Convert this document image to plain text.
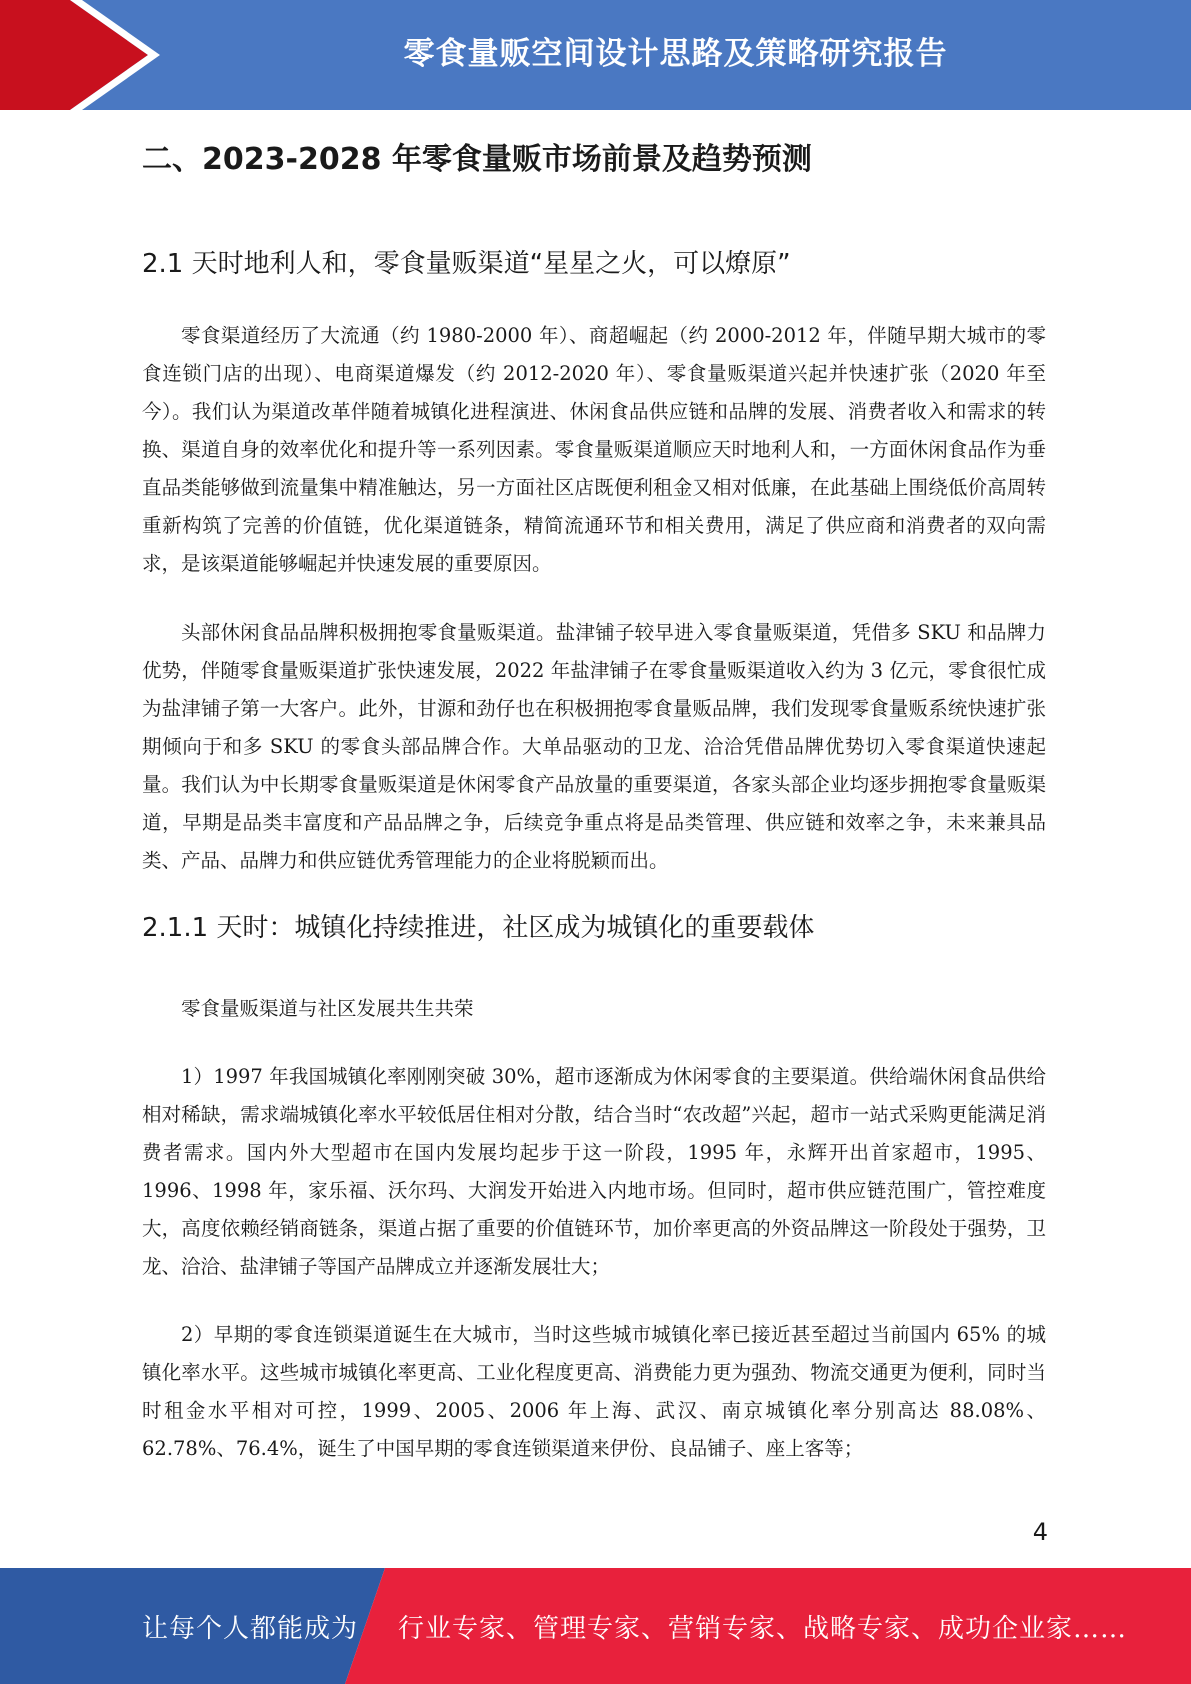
零食量贩空间设计思路及策略研究报告
二、2023-2028 年零食量贩市场前景及趋势预测
2.1 天时地利人和，零食量贩渠道“星星之火，可以燎原”

零食渠道经历了大流通（约 1980-2000 年）、商超崛起（约 2000-2012 年，伴随早期大城市的零食连锁门店的出现）、电商渠道爆发（约 2012-2020 年）、零食量贩渠道兴起并快速扩张（2020 年至今）。我们认为渠道改革伴随着城镇化进程演进、休闲食品供应链和品牌的发展、消费者收入和需求的转换、渠道自身的效率优化和提升等一系列因素。零食量贩渠道顺应天时地利人和，一方面休闲食品作为垂直品类能够做到流量集中精准触达，另一方面社区店既便利租金又相对低廉，在此基础上围绕低价高周转重新构筑了完善的价值链，优化渠道链条，精简流通环节和相关费用，满足了供应商和消费者的双向需求，是该渠道能够崛起并快速发展的重要原因。

头部休闲食品品牌积极拥抱零食量贩渠道。盐津铺子较早进入零食量贩渠道，凭借多 SKU 和品牌力优势，伴随零食量贩渠道扩张快速发展，2022 年盐津铺子在零食量贩渠道收入约为 3 亿元，零食很忙成为盐津铺子第一大客户。此外，甘源和劲仔也在积极拥抱零食量贩品牌，我们发现零食量贩系统快速扩张期倾向于和多 SKU 的零食头部品牌合作。大单品驱动的卫龙、洽洽凭借品牌优势切入零食渠道快速起量。我们认为中长期零食量贩渠道是休闲零食产品放量的重要渠道，各家头部企业均逐步拥抱零食量贩渠道，早期是品类丰富度和产品品牌之争，后续竞争重点将是品类管理、供应链和效率之争，未来兼具品类、产品、品牌力和供应链优秀管理能力的企业将脱颖而出。

2.1.1 天时：城镇化持续推进，社区成为城镇化的重要载体

零食量贩渠道与社区发展共生共荣

1）1997 年我国城镇化率刚刚突破 30%，超市逐渐成为休闲零食的主要渠道。供给端休闲食品供给相对稀缺，需求端城镇化率水平较低居住相对分散，结合当时“农改超”兴起，超市一站式采购更能满足消费者需求。国内外大型超市在国内发展均起步于这一阶段，1995 年，永辉开出首家超市，1995、1996、1998 年，家乐福、沃尔玛、大润发开始进入内地市场。但同时，超市供应链范围广，管控难度大，高度依赖经销商链条，渠道占据了重要的价值链环节，加价率更高的外资品牌这一阶段处于强势，卫龙、洽洽、盐津铺子等国产品牌成立并逐渐发展壮大；

2）早期的零食连锁渠道诞生在大城市，当时这些城市城镇化率已接近甚至超过当前国内 65% 的城镇化率水平。这些城市城镇化率更高、工业化程度更高、消费能力更为强劲、物流交通更为便利，同时当时租金水平相对可控，1999、2005、2006 年上海、武汉、南京城镇化率分别高达 88.08%、62.78%、76.4%，诞生了中国早期的零食连锁渠道来伊份、良品铺子、座上客等；

4
让每个人都能成为 行业专家、管理专家、营销专家、战略专家、成功企业家……
